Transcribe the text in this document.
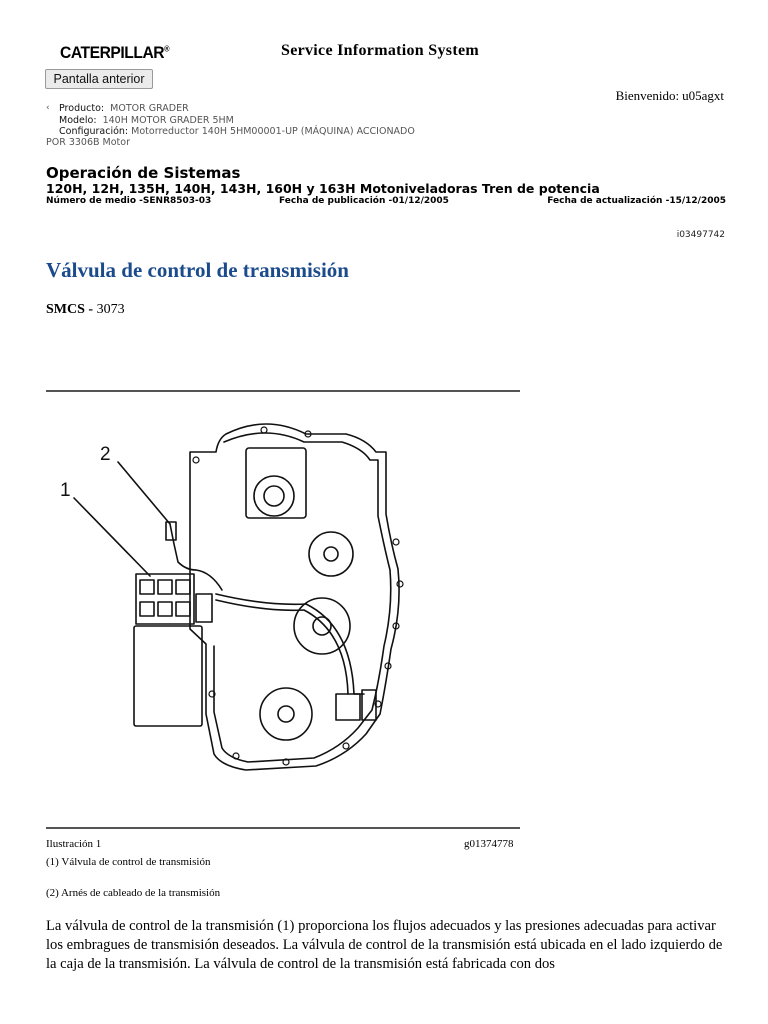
CATERPILLAR®	Service Information System
Pantalla anterior
Bienvenido: u05agxt
‹ Producto: MOTOR GRADER
Modelo: 140H MOTOR GRADER 5HM
Configuración: Motorreductor 140H 5HM00001-UP (MÁQUINA) ACCIONADO
POR 3306B Motor
Operación de Sistemas
120H, 12H, 135H, 140H, 143H, 160H y 163H Motoniveladoras Tren de potencia
Número de medio -SENR8503-03	Fecha de publicación -01/12/2005	Fecha de actualización -15/12/2005
i03497742
Válvula de control de transmisión
SMCS - 3073
2
1
Ilustración 1	g01374778
(1) Válvula de control de transmisión
(2) Arnés de cableado de la transmisión
La válvula de control de la transmisión (1) proporciona los flujos adecuados y las presiones adecuadas para activar los embragues de transmisión deseados. La válvula de control de la transmisión está ubicada en el lado izquierdo de la caja de la transmisión. La válvula de control de la transmisión está fabricada con dos
